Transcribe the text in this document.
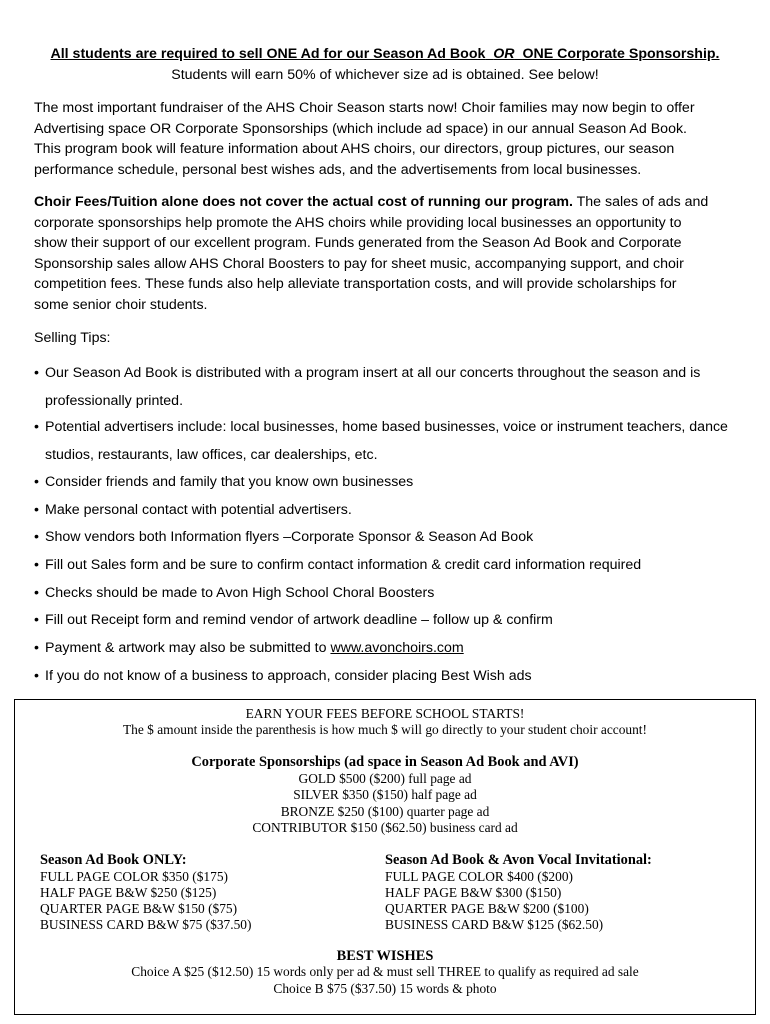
All students are required to sell ONE Ad for our Season Ad Book OR ONE Corporate Sponsorship.
Students will earn 50% of whichever size ad is obtained. See below!
The most important fundraiser of the AHS Choir Season starts now! Choir families may now begin to offer
Advertising space OR Corporate Sponsorships (which include ad space) in our annual Season Ad Book.
This program book will feature information about AHS choirs, our directors, group pictures, our season
performance schedule, personal best wishes ads, and the advertisements from local businesses.
Choir Fees/Tuition alone does not cover the actual cost of running our program. The sales of ads and
corporate sponsorships help promote the AHS choirs while providing local businesses an opportunity to
show their support of our excellent program. Funds generated from the Season Ad Book and Corporate
Sponsorship sales allow AHS Choral Boosters to pay for sheet music, accompanying support, and choir
competition fees. These funds also help alleviate transportation costs, and will provide scholarships for
some senior choir students.
Selling Tips:
• Our Season Ad Book is distributed with a program insert at all our concerts throughout the season and is professionally printed.
• Potential advertisers include: local businesses, home based businesses, voice or instrument teachers, dance studios, restaurants, law offices, car dealerships, etc.
• Consider friends and family that you know own businesses
• Make personal contact with potential advertisers.
• Show vendors both Information flyers –Corporate Sponsor & Season Ad Book
• Fill out Sales form and be sure to confirm contact information & credit card information required
• Checks should be made to Avon High School Choral Boosters
• Fill out Receipt form and remind vendor of artwork deadline – follow up & confirm
• Payment & artwork may also be submitted to www.avonchoirs.com
• If you do not know of a business to approach, consider placing Best Wish ads
EARN YOUR FEES BEFORE SCHOOL STARTS!
The $ amount inside the parenthesis is how much $ will go directly to your student choir account!
Corporate Sponsorships (ad space in Season Ad Book and AVI)
GOLD $500 ($200) full page ad
SILVER $350 ($150) half page ad
BRONZE $250 ($100) quarter page ad
CONTRIBUTOR $150 ($62.50) business card ad
Season Ad Book ONLY:
FULL PAGE COLOR $350 ($175)
HALF PAGE B&W $250 ($125)
QUARTER PAGE B&W $150 ($75)
BUSINESS CARD B&W $75 ($37.50)
Season Ad Book & Avon Vocal Invitational:
FULL PAGE COLOR $400 ($200)
HALF PAGE B&W $300 ($150)
QUARTER PAGE B&W $200 ($100)
BUSINESS CARD B&W $125 ($62.50)
BEST WISHES
Choice A $25 ($12.50) 15 words only per ad & must sell THREE to qualify as required ad sale
Choice B $75 ($37.50) 15 words & photo
